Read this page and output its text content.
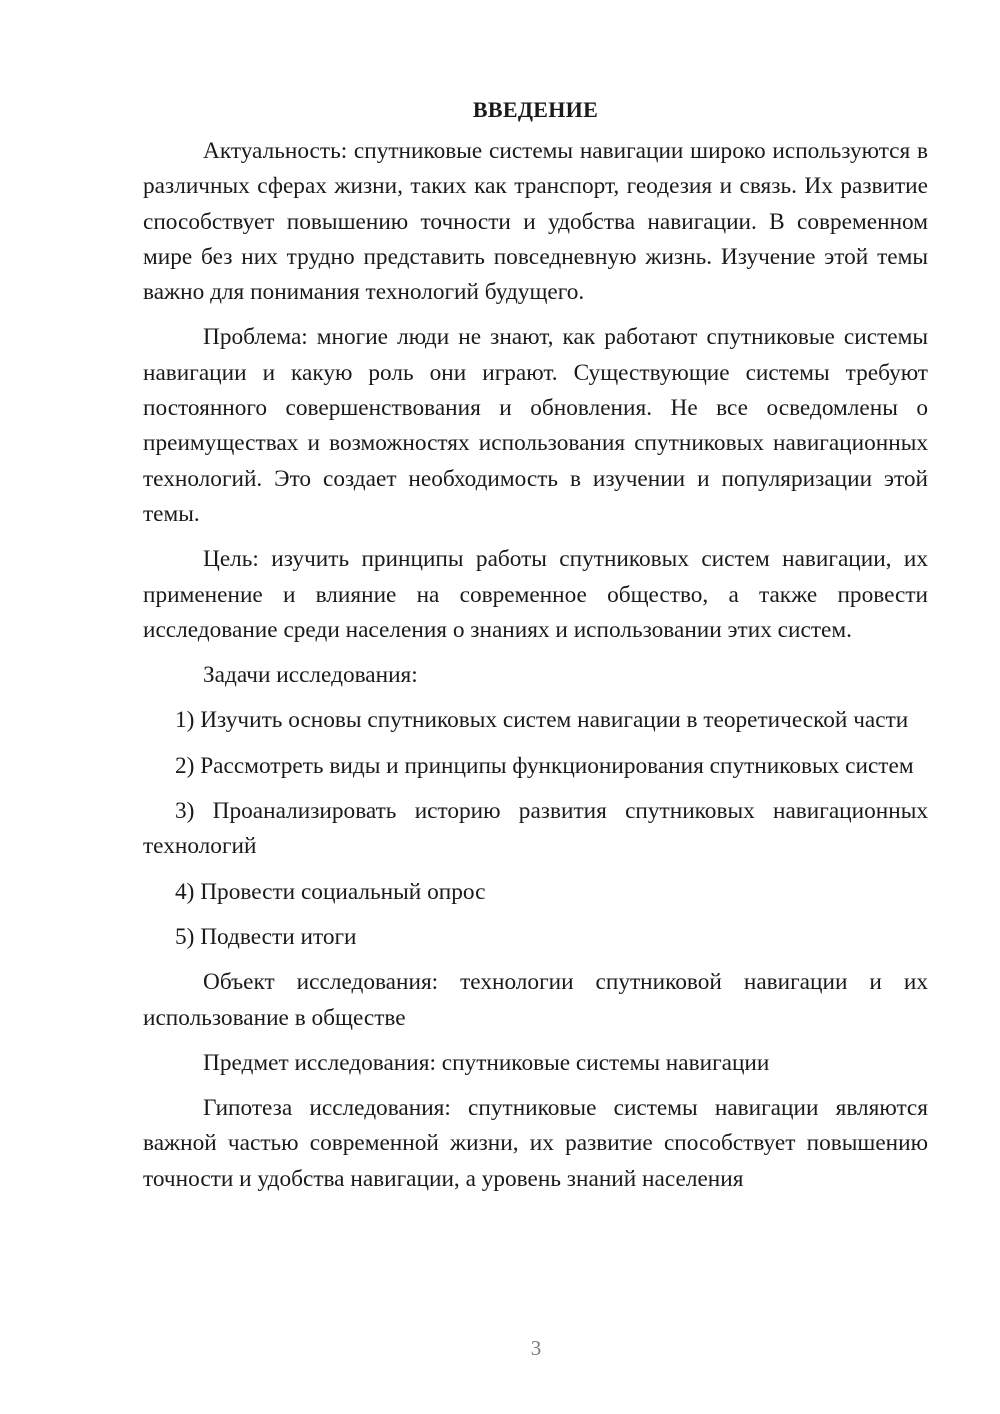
ВВЕДЕНИЕ

Актуальность: спутниковые системы навигации широко используются в различных сферах жизни, таких как транспорт, геодезия и связь. Их развитие способствует повышению точности и удобства навигации. В современном мире без них трудно представить повседневную жизнь. Изучение этой темы важно для понимания технологий будущего.

Проблема: многие люди не знают, как работают спутниковые системы навигации и какую роль они играют. Существующие системы требуют постоянного совершенствования и обновления. Не все осведомлены о преимуществах и возможностях использования спутниковых навигационных технологий. Это создает необходимость в изучении и популяризации этой темы.

Цель: изучить принципы работы спутниковых систем навигации, их применение и влияние на современное общество, а также провести исследование среди населения о знаниях и использовании этих систем.

Задачи исследования:

1) Изучить основы спутниковых систем навигации в теоретической части

2) Рассмотреть виды и принципы функционирования спутниковых систем

3) Проанализировать историю развития спутниковых навигационных технологий

4) Провести социальный опрос

5) Подвести итоги

Объект исследования: технологии спутниковой навигации и их использование в обществе

Предмет исследования: спутниковые системы навигации

Гипотеза исследования: спутниковые системы навигации являются важной частью современной жизни, их развитие способствует повышению точности и удобства навигации, а уровень знаний населения

3
